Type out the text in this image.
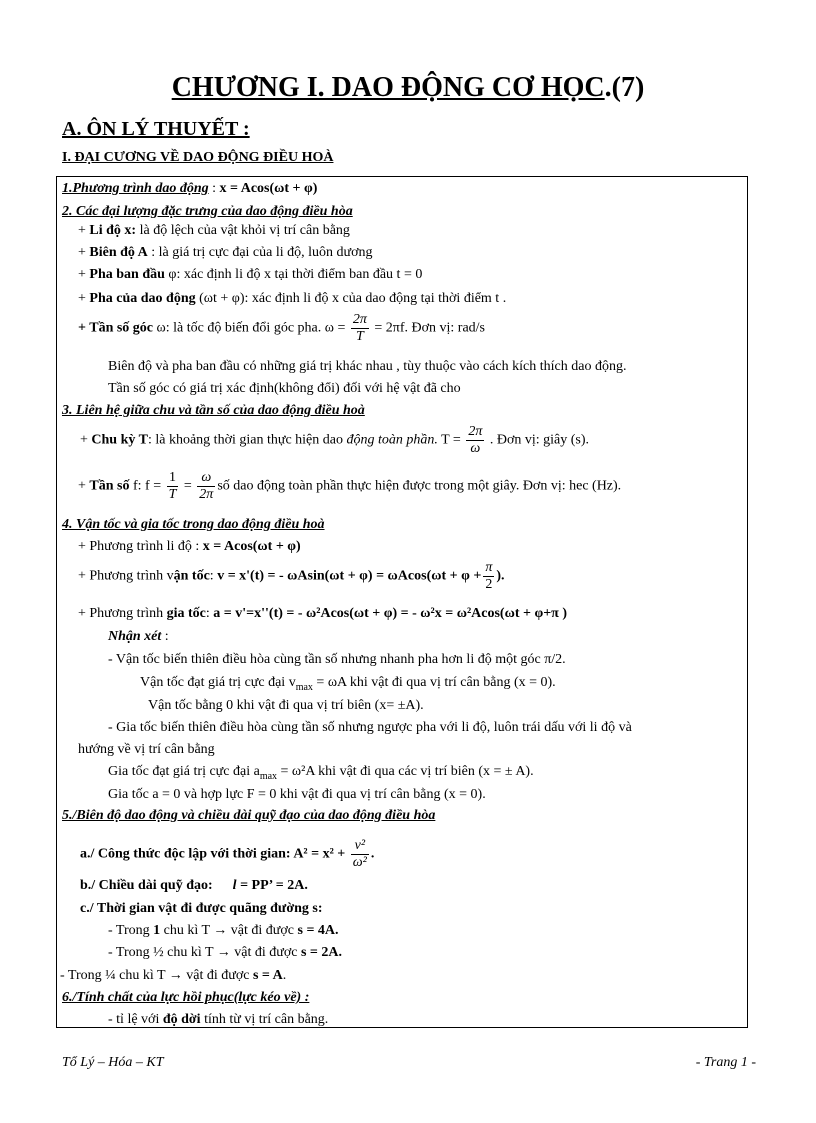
CHƯƠNG I. DAO ĐỘNG CƠ HỌC.(7)
A. ÔN LÝ THUYẾT :
I. ĐẠI CƯƠNG VỀ DAO ĐỘNG ĐIỀU HOÀ
1.Phương trình dao động : x = Acos(ωt + φ)
2. Các đại lượng đặc trưng của dao động điều hòa
+ Li độ x: là độ lệch của vật khỏi vị trí cân bằng
+ Biên độ A : là giá trị cực đại của li độ, luôn dương
+ Pha ban đầu φ: xác định li độ x tại thời điểm ban đầu t = 0
+ Pha của dao động (ωt + φ): xác định li độ x của dao động tại thời điểm t .
+ Tần số góc ω: là tốc độ biến đổi góc pha. $\omega = \frac{2\pi}{T} = 2\pi f$. Đơn vị: rad/s
Biên độ và pha ban đầu có những giá trị khác nhau , tùy thuộc vào cách kích thích dao động.
Tần số góc có giá trị xác định(không đổi) đối với hệ vật đã cho
3. Liên hệ giữa chu và tần số của dao động điều hoà
+ Chu kỳ T: là khoảng thời gian thực hiện dao động toàn phần. $T = \frac{2\pi}{\omega}$ . Đơn vị: giây (s).
+ Tần số f: $f = \frac{1}{T} = \frac{\omega}{2\pi}$ số dao động toàn phần thực hiện được trong một giây. Đơn vị: hec (Hz).
4. Vận tốc và gia tốc trong dao động điều hoà
+ Phương trình li độ : x = Acos(ωt + φ)
+ Phương trình vận tốc: v = x'(t) = - $\omega Asin(\omega t + \varphi) = \omega Acos(\omega t + \varphi + \frac{\pi}{2}$ ).
+ Phương trình gia tốc: a = v'=x''(t) = - ω²Acos(ωt + φ) = - ω²x = ω²Acos(ωt + φ+π )
Nhận xét :
- Vận tốc biến thiên điều hòa cùng tần số nhưng nhanh pha hơn li độ một góc π/2.
Vận tốc đạt giá trị cực đại $v_{max} = \omega A$ khi vật đi qua vị trí cân bằng (x = 0).
Vận tốc bằng 0 khi vật đi qua vị trí biên (x= ±A).
- Gia tốc biến thiên điều hòa cùng tần số nhưng ngược pha với li độ, luôn trái dấu với li độ và
hướng về vị trí cân bằng
Gia tốc đạt giá trị cực đại $a_{max} = \omega^2A$ khi vật đi qua các vị trí biên (x = ± A).
Gia tốc a = 0 và hợp lực F = 0 khi vật đi qua vị trí cân bằng (x = 0).
5./Biên độ dao động và chiều dài quỹ đạo của dao động điều hòa
a./ Công thức độc lập với thời gian: $A^2 = x^2 + \frac{\text{v²}}{\text{ω²}}$ .
b./ Chiều dài quỹ đạo: l = PP’ = 2A.
c./ Thời gian vật đi được quãng đường s:
- Trong 1 chu kì T → vật đi được s = 4A.
- Trong ½ chu kì T → vật đi được s = 2A.
- Trong ¼ chu kì T → vật đi được s = A.
6./Tính chất của lực hồi phục(lực kéo về) :
- tỉ lệ với độ dời tính từ vị trí cân bằng.
Tổ Lý – Hóa – KT	- Trang 1 -
